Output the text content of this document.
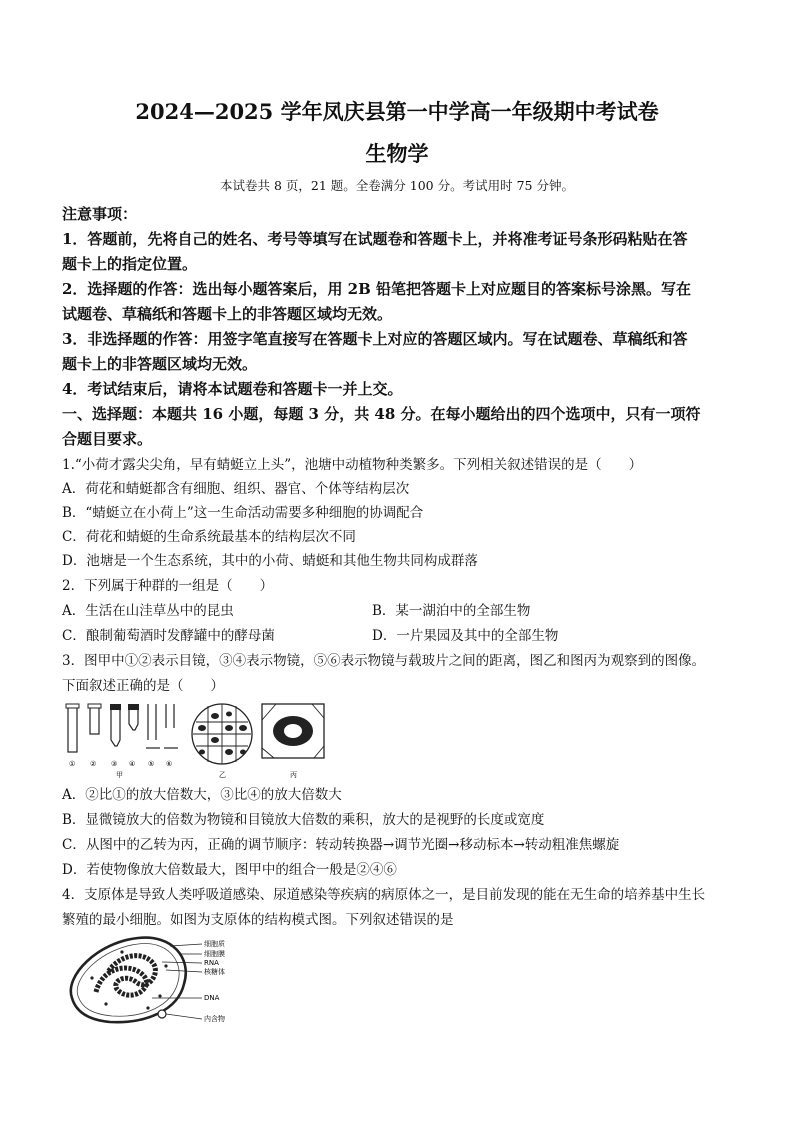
2024—2025 学年凤庆县第一中学高一年级期中考试卷
生物学
本试卷共 8 页，21 题。全卷满分 100 分。考试用时 75 分钟。
注意事项：
1．答题前，先将自己的姓名、考号等填写在试题卷和答题卡上，并将准考证号条形码粘贴在答
题卡上的指定位置。
2．选择题的作答：选出每小题答案后，用 2B 铅笔把答题卡上对应题目的答案标号涂黑。写在
试题卷、草稿纸和答题卡上的非答题区域均无效。
3．非选择题的作答：用签字笔直接写在答题卡上对应的答题区域内。写在试题卷、草稿纸和答
题卡上的非答题区域均无效。
4．考试结束后，请将本试题卷和答题卡一并上交。
一、选择题：本题共 16 小题，每题 3 分，共 48 分。在每小题给出的四个选项中，只有一项符
合题目要求。
1.“小荷才露尖尖角，早有蜻蜓立上头”，池塘中动植物种类繁多。下列相关叙述错误的是（　　）
A．荷花和蜻蜓都含有细胞、组织、器官、个体等结构层次
B．“蜻蜓立在小荷上”这一生命活动需要多种细胞的协调配合
C．荷花和蜻蜓的生命系统最基本的结构层次不同
D．池塘是一个生态系统，其中的小荷、蜻蜓和其他生物共同构成群落
2．下列属于种群的一组是（　　）
A．生活在山洼草丛中的昆虫	B．某一湖泊中的全部生物
C．酿制葡萄酒时发酵罐中的酵母菌	D．一片果园及其中的全部生物
3．图甲中①②表示目镜，③④表示物镜，⑤⑥表示物镜与载玻片之间的距离，图乙和图丙为观察到的图像。
下面叙述正确的是（　　）
① ② ③ ④ ⑤ ⑥
甲	乙	丙
A．②比①的放大倍数大，③比④的放大倍数大
B．显微镜放大的倍数为物镜和目镜放大倍数的乘积，放大的是视野的长度或宽度
C．从图中的乙转为丙，正确的调节顺序：转动转换器→调节光圈→移动标本→转动粗准焦螺旋
D．若使物像放大倍数最大，图甲中的组合一般是②④⑥
4．支原体是导致人类呼吸道感染、尿道感染等疾病的病原体之一，是目前发现的能在无生命的培养基中生长
繁殖的最小细胞。如图为支原体的结构模式图。下列叙述错误的是
细胞质
细胞膜
RNA
核糖体
DNA
内含物
